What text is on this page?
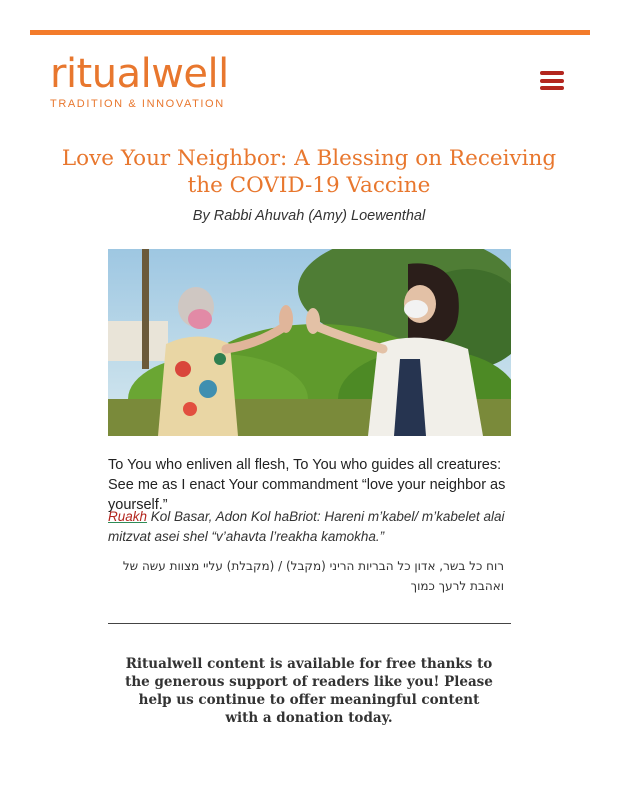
ritualwell
TRADITION & INNOVATION
Love Your Neighbor: A Blessing on Receiving the COVID-19 Vaccine
By Rabbi Ahuvah (Amy) Loewenthal

To You who enliven all flesh, To You who guides all creatures: See me as I enact Your commandment “love your neighbor as yourself.”

Ruakh Kol Basar, Adon Kol haBriot: Hareni m’kabel/ m’kabelet alai mitzvat asei shel “v’ahavta l’reakha kamokha.”

רוח כל בשר, אדון כל הבריות הריני (מקבל) / (מקבלת) עליי מצוות עשה של ואהבת לרעך כמוך

Ritualwell content is available for free thanks to the generous support of readers like you! Please help us continue to offer meaningful content with a donation today.
